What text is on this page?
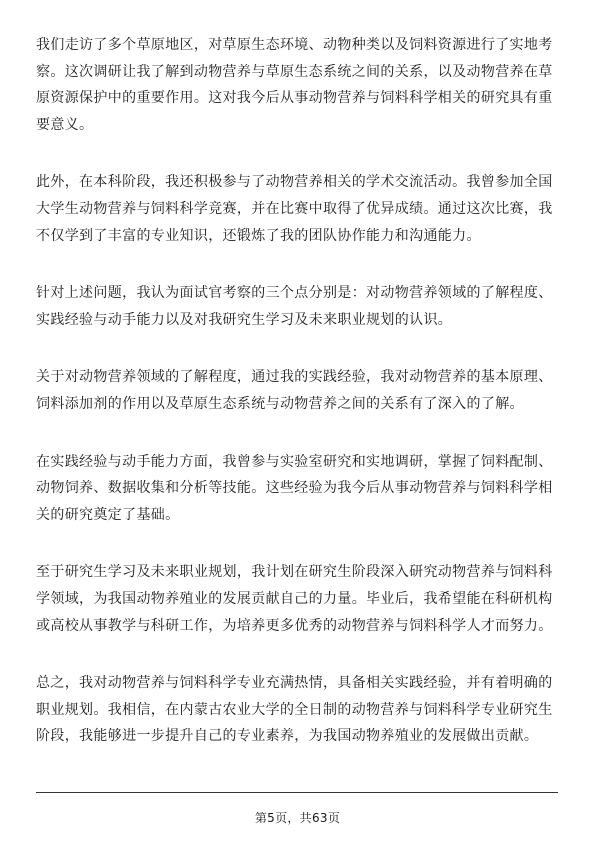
我们走访了多个草原地区，对草原生态环境、动物种类以及饲料资源进行了实地考
察。这次调研让我了解到动物营养与草原生态系统之间的关系，以及动物营养在草
原资源保护中的重要作用。这对我今后从事动物营养与饲料科学相关的研究具有重
要意义。

此外，在本科阶段，我还积极参与了动物营养相关的学术交流活动。我曾参加全国
大学生动物营养与饲料科学竞赛，并在比赛中取得了优异成绩。通过这次比赛，我
不仅学到了丰富的专业知识，还锻炼了我的团队协作能力和沟通能力。

针对上述问题，我认为面试官考察的三个点分别是：对动物营养领域的了解程度、
实践经验与动手能力以及对我研究生学习及未来职业规划的认识。

关于对动物营养领域的了解程度，通过我的实践经验，我对动物营养的基本原理、
饲料添加剂的作用以及草原生态系统与动物营养之间的关系有了深入的了解。

在实践经验与动手能力方面，我曾参与实验室研究和实地调研，掌握了饲料配制、
动物饲养、数据收集和分析等技能。这些经验为我今后从事动物营养与饲料科学相
关的研究奠定了基础。

至于研究生学习及未来职业规划，我计划在研究生阶段深入研究动物营养与饲料科
学领域，为我国动物养殖业的发展贡献自己的力量。毕业后，我希望能在科研机构
或高校从事教学与科研工作，为培养更多优秀的动物营养与饲料科学人才而努力。

总之，我对动物营养与饲料科学专业充满热情，具备相关实践经验，并有着明确的
职业规划。我相信，在内蒙古农业大学的全日制的动物营养与饲料科学专业研究生
阶段，我能够进一步提升自己的专业素养，为我国动物养殖业的发展做出贡献。

第5页，共63页
